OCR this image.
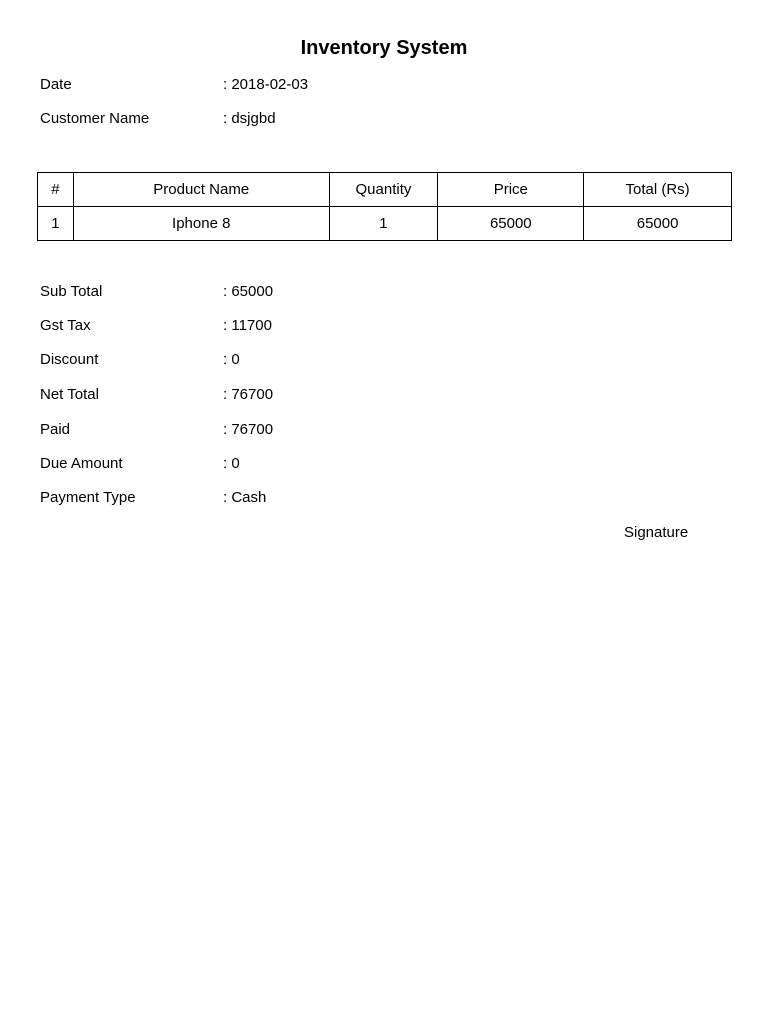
Inventory System
Date	: 2018-02-03
Customer Name	: dsjgbd
#	Product Name	Quantity	Price	Total (Rs)
1	Iphone 8	1	65000	65000
Sub Total	: 65000
Gst Tax	: 11700
Discount	: 0
Net Total	: 76700
Paid	: 76700
Due Amount	: 0
Payment Type	: Cash
Signature
